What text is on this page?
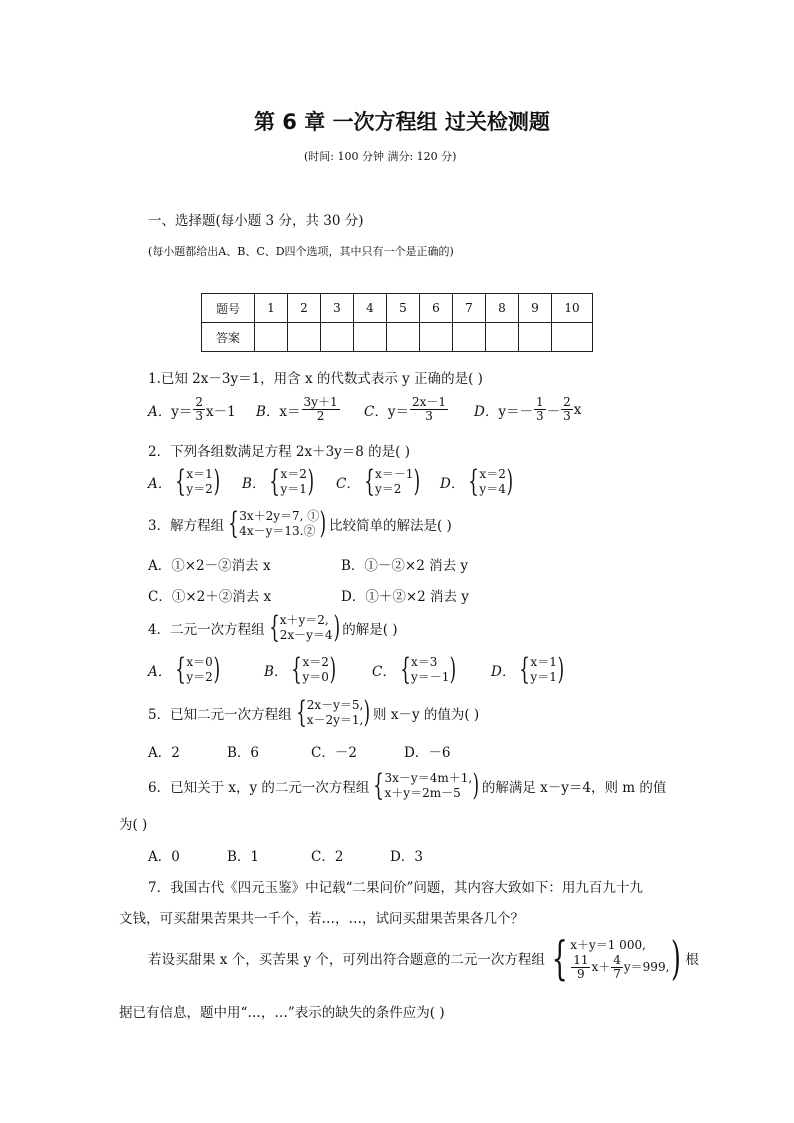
第 6 章 一次方程组 过关检测题
(时间: 100 分钟 满分: 120 分)
一、选择题(每小题 3 分，共 30 分)
(每小题都给出A、B、C、D四个选项，其中只有一个是正确的)
题号	1	2	3	4	5	6	7	8	9	10
答案										
1.已知 2x－3y＝1，用含 x 的代数式表示 y 正确的是( )
A． $y= \frac{2}{3} x-1$ B． $x= \frac{3y+1}{2}$ C． $y= \frac{2x-1}{3}$ D． $y=- \frac{1}{3} - \frac{2}{3}$ x
2．下列各组数满足方程 2x＋3y＝8 的是( )
A． { x＝1
y＝2 ) B． { x＝2
y＝1 ) C． { x＝－1
y＝2 ) D． { x＝2
y＝4 )
3．解方程组 { 3x＋2y＝7, ①
4x－y＝13.② ) 比较简单的解法是( )
A．①×2－②消去 x	B．①－②×2 消去 y
C．①×2＋②消去 x	D．①＋②×2 消去 y
4．二元一次方程组 { x＋y＝2,
2x－y＝4 ) 的解是( )
A． { x＝0
y＝2 )	B． { x＝2
y＝0 )	C． { x＝3
y＝－1 )	D． { x＝1
y＝1 )
5．已知二元一次方程组 { 2x－y＝5,
x－2y＝1, ) 则 x－y 的值为( )
A．2	B．6	C．－2	D．－6
6．已知关于 x，y 的二元一次方程组 { 3x－y＝4m＋1,
x＋y＝2m－5 ) 的解满足 x－y＝4，则 m 的值
为( )
A．0	B．1	C．2	D．3
7．我国古代《四元玉鉴》中记载“二果问价”问题，其内容大致如下：用九百九十九
文钱，可买甜果苦果共一千个，若…，…，试问买甜果苦果各几个？
若设买甜果 x 个，买苦果 y 个，可列出符合题意的二元一次方程组 { x＋y＝1 000,
$\frac{11}{9} x+ \frac{4}{7} y=999$, ) 根
据已有信息，题中用“…，…”表示的缺失的条件应为( )
